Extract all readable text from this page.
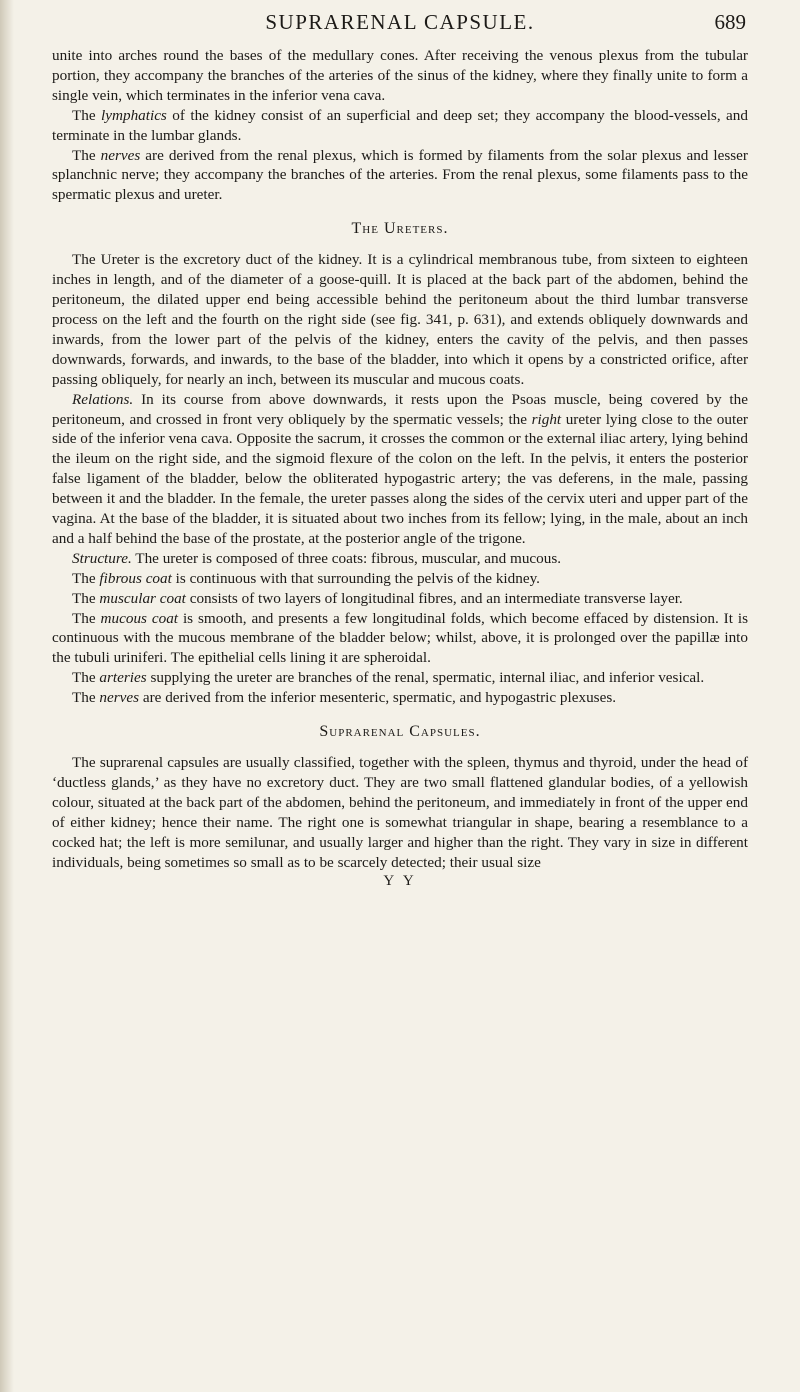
SUPRARENAL CAPSULE.	689

unite into arches round the bases of the medullary cones. After receiving the venous plexus from the tubular portion, they accompany the branches of the arteries of the sinus of the kidney, where they finally unite to form a single vein, which terminates in the inferior vena cava.

The lymphatics of the kidney consist of an superficial and deep set; they accompany the blood-vessels, and terminate in the lumbar glands.

The nerves are derived from the renal plexus, which is formed by filaments from the solar plexus and lesser splanchnic nerve; they accompany the branches of the arteries. From the renal plexus, some filaments pass to the spermatic plexus and ureter.

The Ureters.

The Ureter is the excretory duct of the kidney. It is a cylindrical membranous tube, from sixteen to eighteen inches in length, and of the diameter of a goose-quill. It is placed at the back part of the abdomen, behind the peritoneum, the dilated upper end being accessible behind the peritoneum about the third lumbar transverse process on the left and the fourth on the right side (see fig. 341, p. 631), and extends obliquely downwards and inwards, from the lower part of the pelvis of the kidney, enters the cavity of the pelvis, and then passes downwards, forwards, and inwards, to the base of the bladder, into which it opens by a constricted orifice, after passing obliquely, for nearly an inch, between its muscular and mucous coats.

Relations. In its course from above downwards, it rests upon the Psoas muscle, being covered by the peritoneum, and crossed in front very obliquely by the spermatic vessels; the right ureter lying close to the outer side of the inferior vena cava. Opposite the sacrum, it crosses the common or the external iliac artery, lying behind the ileum on the right side, and the sigmoid flexure of the colon on the left. In the pelvis, it enters the posterior false ligament of the bladder, below the obliterated hypogastric artery; the vas deferens, in the male, passing between it and the bladder. In the female, the ureter passes along the sides of the cervix uteri and upper part of the vagina. At the base of the bladder, it is situated about two inches from its fellow; lying, in the male, about an inch and a half behind the base of the prostate, at the posterior angle of the trigone.

Structure. The ureter is composed of three coats: fibrous, muscular, and mucous.

The fibrous coat is continuous with that surrounding the pelvis of the kidney.

The muscular coat consists of two layers of longitudinal fibres, and an intermediate transverse layer.

The mucous coat is smooth, and presents a few longitudinal folds, which become effaced by distension. It is continuous with the mucous membrane of the bladder below; whilst, above, it is prolonged over the papillæ into the tubuli uriniferi. The epithelial cells lining it are spheroidal.

The arteries supplying the ureter are branches of the renal, spermatic, internal iliac, and inferior vesical.

The nerves are derived from the inferior mesenteric, spermatic, and hypogastric plexuses.

Suprarenal Capsules.

The suprarenal capsules are usually classified, together with the spleen, thymus and thyroid, under the head of ‘ductless glands,’ as they have no excretory duct. They are two small flattened glandular bodies, of a yellowish colour, situated at the back part of the abdomen, behind the peritoneum, and immediately in front of the upper end of either kidney; hence their name. The right one is somewhat triangular in shape, bearing a resemblance to a cocked hat; the left is more semilunar, and usually larger and higher than the right. They vary in size in different individuals, being sometimes so small as to be scarcely detected; their usual size

Y Y
